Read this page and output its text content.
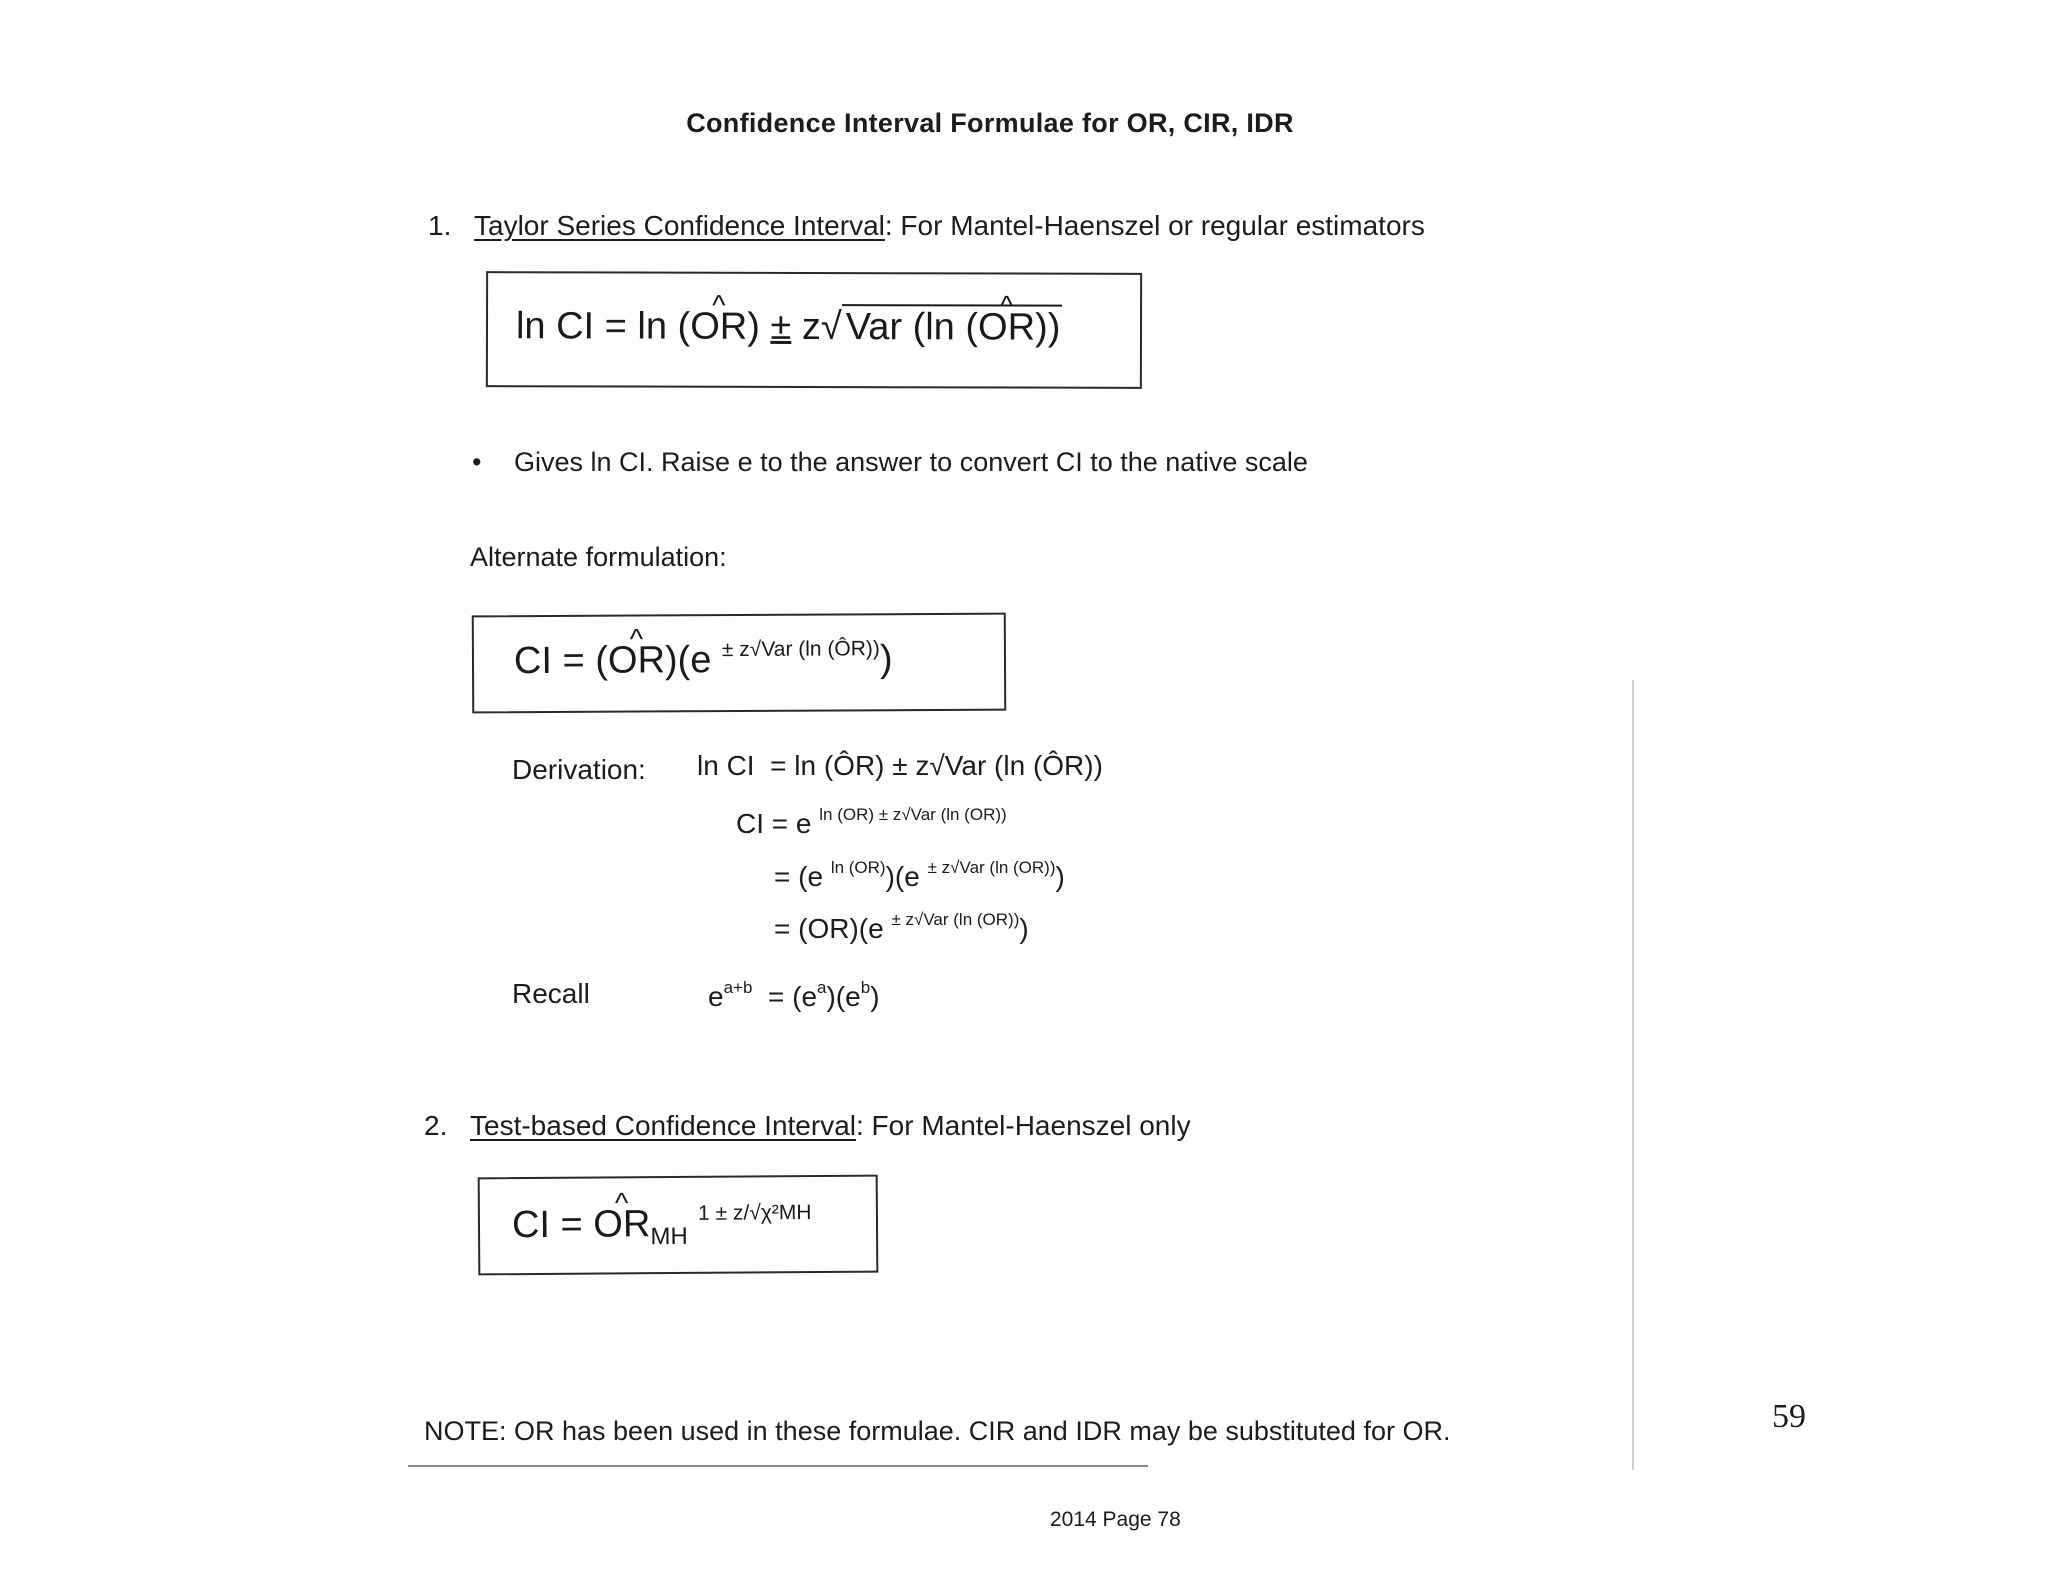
Confidence Interval Formulae for OR, CIR, IDR
1. Taylor Series Confidence Interval: For Mantel-Haenszel or regular estimators
ln CI = ln (^ OR) ± z√ Var (ln (^ OR))
• Gives ln CI. Raise e to the answer to convert CI to the native scale
Alternate formulation:
CI = (^ OR)(e $^{\pm z√Var (ln (ÔR))}$)
Derivation: ln CI = ln (ÔR) ± z√Var (ln (ÔR))
CI = e $^{ln (OR) \pm z√Var (ln (OR))}$
= (e $^{ln (OR)}$)(e $^{\pm z√Var (ln (OR))}$)
= (OR)(e $^{\pm z√Var (ln (OR))}$)
Recall	$e^{a+b} = (e^a)(e^b)$
2. Test-based Confidence Interval: For Mantel-Haenszel only
CI = ^ $OR_{MH}$ $^{1 \pm z/√\chi^2MH}$
NOTE: OR has been used in these formulae. CIR and IDR may be substituted for OR.	59
2014 Page 78
